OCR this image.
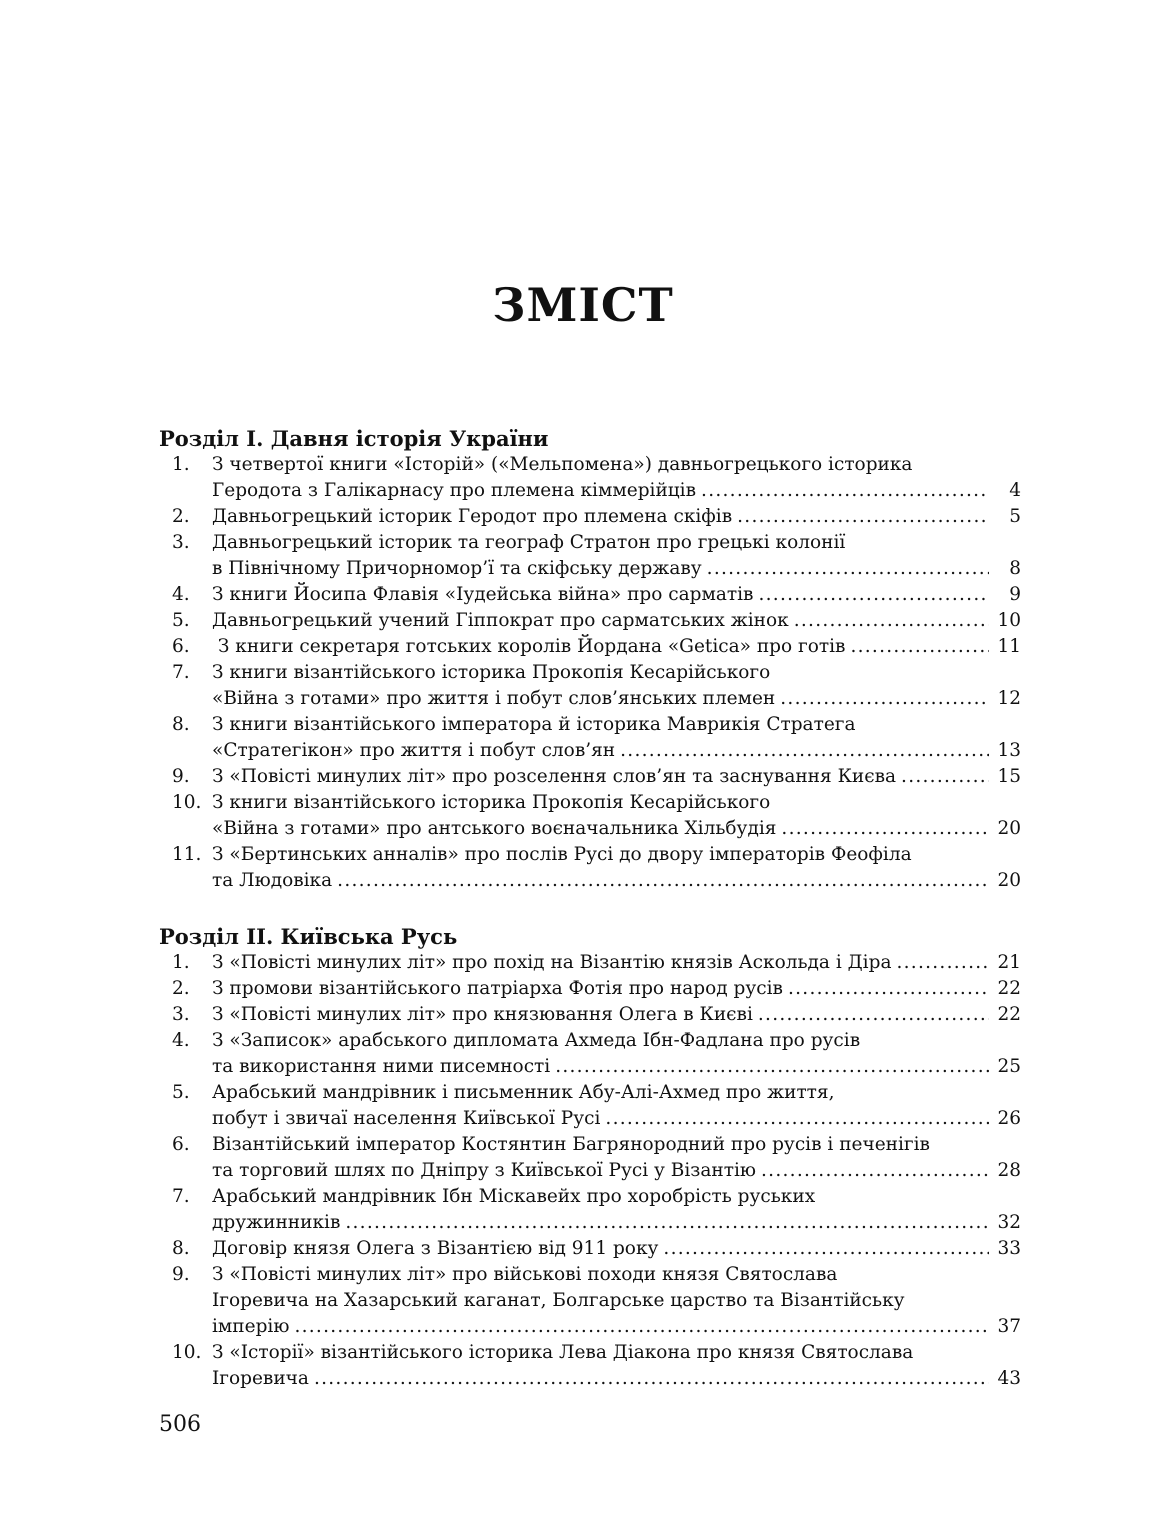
ЗМІСТ
Розділ І. Давня історія України
1.	З четвертої книги «Історій» («Мельпомена») давньогрецького історика
Геродота з Галікарнасу про племена кіммерійців . . .	4
2.	Давньогрецький історик Геродот про племена скіфів . . .	5
3.	Давньогрецький історик та географ Стратон про грецькі колонії
в Північному Причорномор’ї та скіфську державу . . .	8
4.	З книги Йосипа Флавія «Іудейська війна» про сарматів . . .	9
5.	Давньогрецький учений Гіппократ про сарматських жінок . . .	10
6.	З книги секретаря готських королів Йордана «Getica» про готів . . .	11
7.	З книги візантійського історика Прокопія Кесарійського
«Війна з готами» про життя і побут слов’янських племен . . .	12
8.	З книги візантійського імператора й історика Маврикія Стратега
«Стратегікон» про життя і побут слов’ян . . .	13
9.	З «Повісті минулих літ» про розселення слов’ян та заснування Києва . . .	15
10. З книги візантійського історика Прокопія Кесарійського
«Війна з готами» про антського воєначальника Хільбудія . . .	20
11. З «Бертинських анналів» про послів Русі до двору імператорів Феофіла
та Людовіка . . .	20
Розділ ІІ. Київська Русь
1.	З «Повісті минулих літ» про похід на Візантію князів Аскольда і Діра . . .	21
2.	З промови візантійського патріарха Фотія про народ русів . . .	22
3.	З «Повісті минулих літ» про князювання Олега в Києві . . .	22
4.	З «Записок» арабського дипломата Ахмеда Ібн-Фадлана про русів
та використання ними писемності . . .	25
5.	Арабський мандрівник і письменник Абу-Алі-Ахмед про життя,
побут і звичаї населення Київської Русі . . .	26
6.	Візантійський імператор Костянтин Багрянородний про русів і печенігів
та торговий шлях по Дніпру з Київської Русі у Візантію . . .	28
7.	Арабський мандрівник Ібн Міскавейх про хоробрість руських
дружинників . . .	32
8.	Договір князя Олега з Візантією від 911 року . . .	33
9.	З «Повісті минулих літ» про військові походи князя Святослава
Ігоревича на Хазарський каганат, Болгарське царство та Візантійську
імперію . . .	37
10. З «Історії» візантійського історика Лева Діакона про князя Святослава
Ігоревича . . .	43
506
